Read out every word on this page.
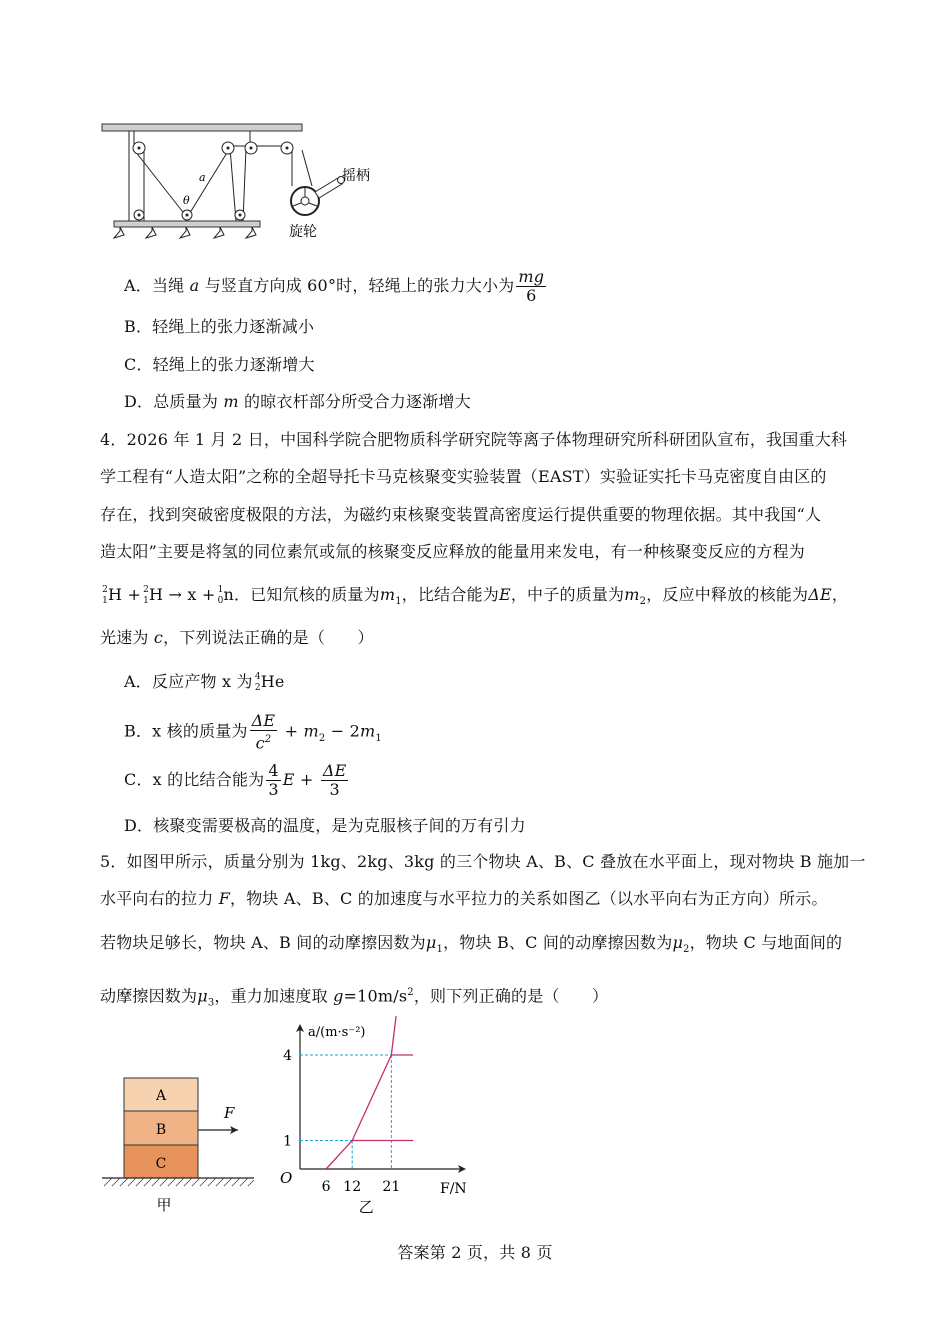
a
θ
摇柄
旋轮
A．当绳 a 与竖直方向成 60°时，轻绳上的张力大小为 $\frac{mg}{6}$
B．轻绳上的张力逐渐减小
C．轻绳上的张力逐渐增大
D．总质量为 m 的晾衣杆部分所受合力逐渐增大
4．2026 年 1 月 2 日，中国科学院合肥物质科学研究院等离子体物理研究所科研团队宣布，我国重大科
学工程有“人造太阳”之称的全超导托卡马克核聚变实验装置（EAST）实验证实托卡马克密度自由区的
存在，找到突破密度极限的方法，为磁约束核聚变装置高密度运行提供重要的物理依据。其中我国“人
造太阳”主要是将氢的同位素氘或氚的核聚变反应释放的能量用来发电，有一种核聚变反应的方程为
2
1 H + 2
1 H → x + 1
0 n．已知氘核的质量为$m_1$，比结合能为E，中子的质量为$m_2$，反应中释放的核能为ΔE，
光速为 c，下列说法正确的是（　　）
A．反应产物 x 为 4
2 He
B．x 核的质量为 $\frac{\Delta E}{c^2} + m_2 - 2m_1$
C．x 的比结合能为 $\frac{4}{3}$ $E + \frac{\Delta E}{3}$
D．核聚变需要极高的温度，是为克服核子间的万有引力
5．如图甲所示，质量分别为 1kg、2kg、3kg 的三个物块 A、B、C 叠放在水平面上，现对物块 B 施加一
水平向右的拉力 F，物块 A、B、C 的加速度与水平拉力的关系如图乙（以水平向右为正方向）所示。
若物块足够长，物块 A、B 间的动摩擦因数为$\mu_1$，物块 B、C 间的动摩擦因数为$\mu_2$，物块 C 与地面间的
动摩擦因数为$\mu_3$，重力加速度取 $g=10m/s^2$，则下列正确的是（　　）
A
B
C
F
甲
6 12 21
1
4
O
F/N
a/(m·s⁻²)
乙
答案第 2 页，共 8 页
